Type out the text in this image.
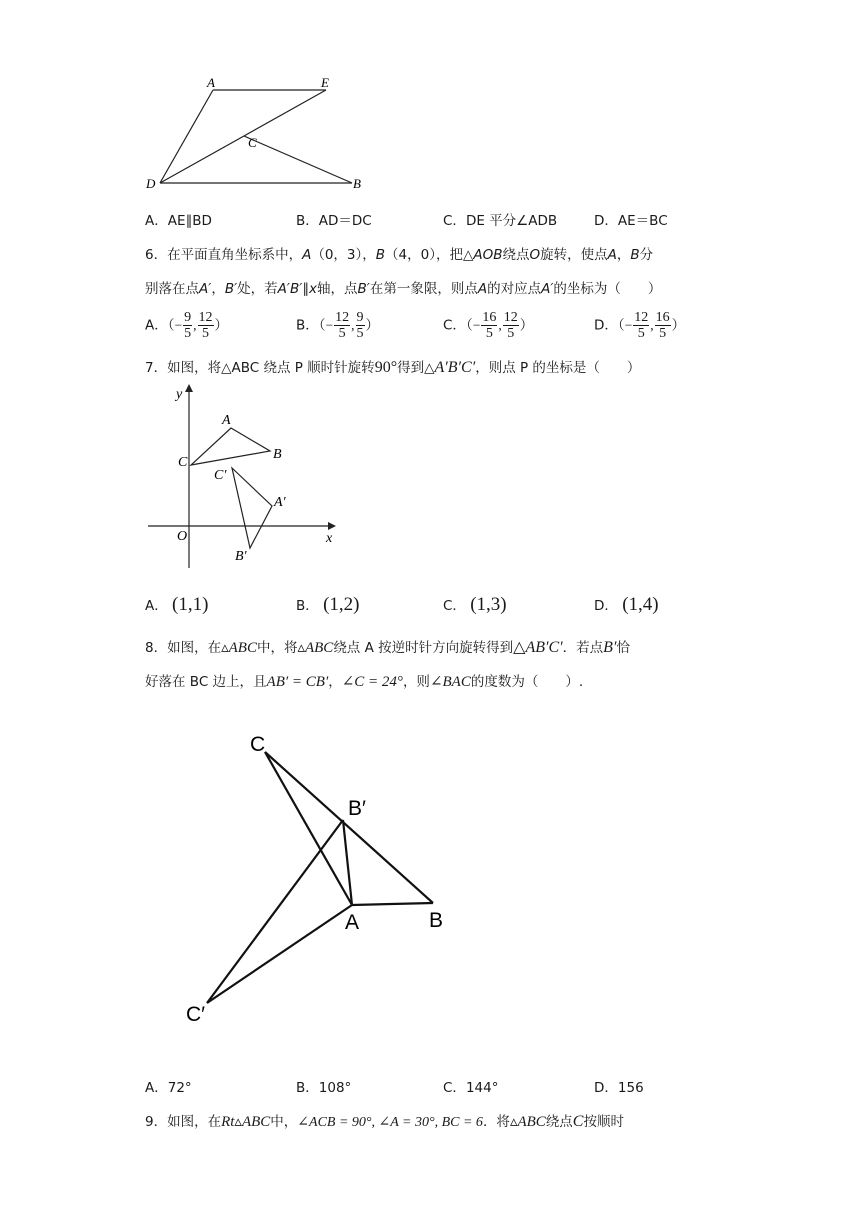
A	E
C
D	B
A．AE∥BD	B．AD＝DC	C．DE 平分∠ADB	D．AE＝BC
6．在平面直角坐标系中，A（0，3），B（4，0），把△AOB绕点O旋转，使点A，B分
别落在点A′，B′处，若A′B′∥x轴，点B′在第一象限，则点A的对应点A′的坐标为（　　）
A．（− $\frac{9}{5}$ , $\frac{12}{5}$ ）	B．（− $\frac{12}{5}$ , $\frac{9}{5}$ ）	C．（− $\frac{16}{5}$ , $\frac{12}{5}$ ）	D．（− $\frac{12}{5}$ , $\frac{16}{5}$ ）
7．如图，将△ABC 绕点 P 顺时针旋转90°得到△A′B′C′，则点 P 的坐标是（　　）
y
x
O
A
B
C
C′
A′
B′
A． (1,1)	B． (1,2)	C． (1,3)	D． (1,4)
8．如图，在▵ABC中，将▵ABC绕点 A 按逆时针方向旋转得到△AB′C′．若点B′恰
好落在 BC 边上，且AB′ = CB′，∠C = 24°，则∠BAC的度数为（　　）.
C
B′
A	B
C′
A．72°	B．108°	C．144°	D．156
9．如图，在Rt▵ABC中，∠ACB = 90°, ∠A = 30°, BC = 6．将▵ABC绕点C按顺时
